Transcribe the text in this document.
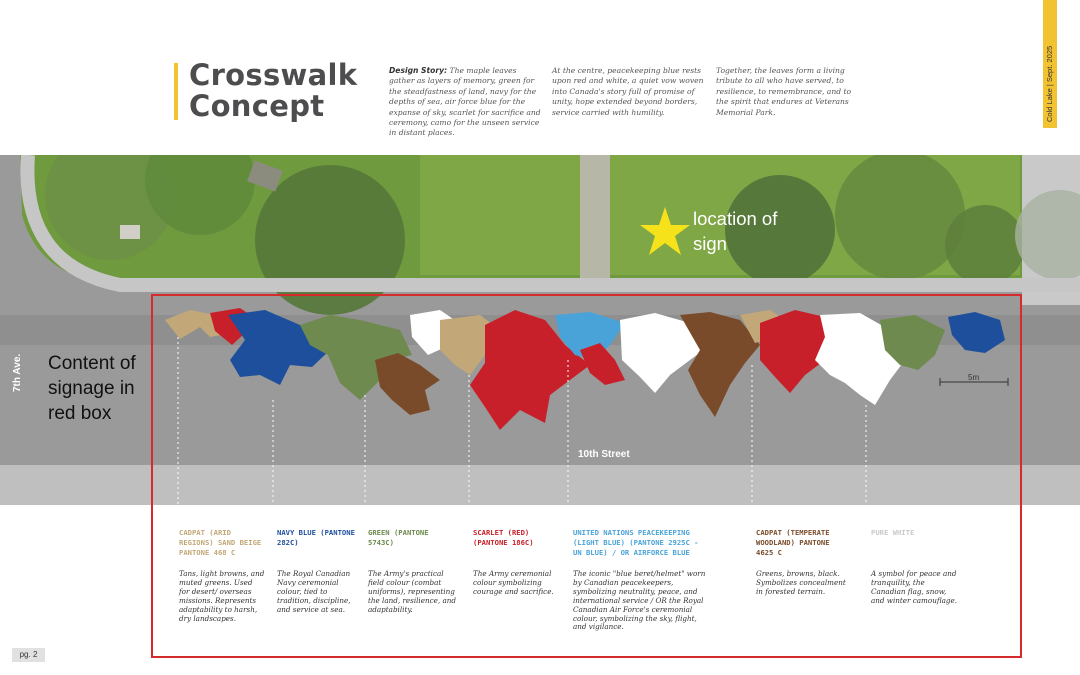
Crosswalk
Concept
Design Story: The maple leaves gather as layers of memory, green for the steadfastness of land, navy for the depths of sea, air force blue for the expanse of sky, scarlet for sacrifice and ceremony, camo for the unseen service in distant places.
At the centre, peacekeeping blue rests upon red and white, a quiet vow woven into Canada's story full of promise of unity, hope extended beyond borders, service carried with humility.
Together, the leaves form a living tribute to all who have served, to resilience, to remembrance, and to the spirit that endures at Veterans Memorial Park.	Cold Lake | Sept. 2025
location of
sign
Content of
signage in
red box
7th Ave.
10th Street
5m
CADPAT (ARID REGIONS) SAND BEIGE PANTONE 468 C
Tans, light browns, and muted greens. Used for desert/ overseas missions. Represents adaptability to harsh, dry landscapes.
NAVY BLUE (PANTONE 282C)
The Royal Canadian Navy ceremonial colour, tied to tradition, discipline, and service at sea.
GREEN (PANTONE 5743C)
The Army's practical field colour (combat uniforms), representing the land, resilience, and adaptability.
SCARLET (RED) (PANTONE 186C)
The Army ceremonial colour symbolizing courage and sacrifice.
UNITED NATIONS PEACEKEEPING (LIGHT BLUE) (PANTONE 2925C - UN BLUE) / OR AIRFORCE BLUE
The iconic "blue beret/helmet" worn by Canadian peacekeepers, symbolizing neutrality, peace, and international service / OR the Royal Canadian Air Force's ceremonial colour, symbolizing the sky, flight, and vigilance.
CADPAT (TEMPERATE WOODLAND) PANTONE 4625 C
Greens, browns, black. Symbolizes concealment in forested terrain.
PURE WHITE
A symbol for peace and tranquility, the Canadian flag, snow, and winter camouflage.
pg. 2
